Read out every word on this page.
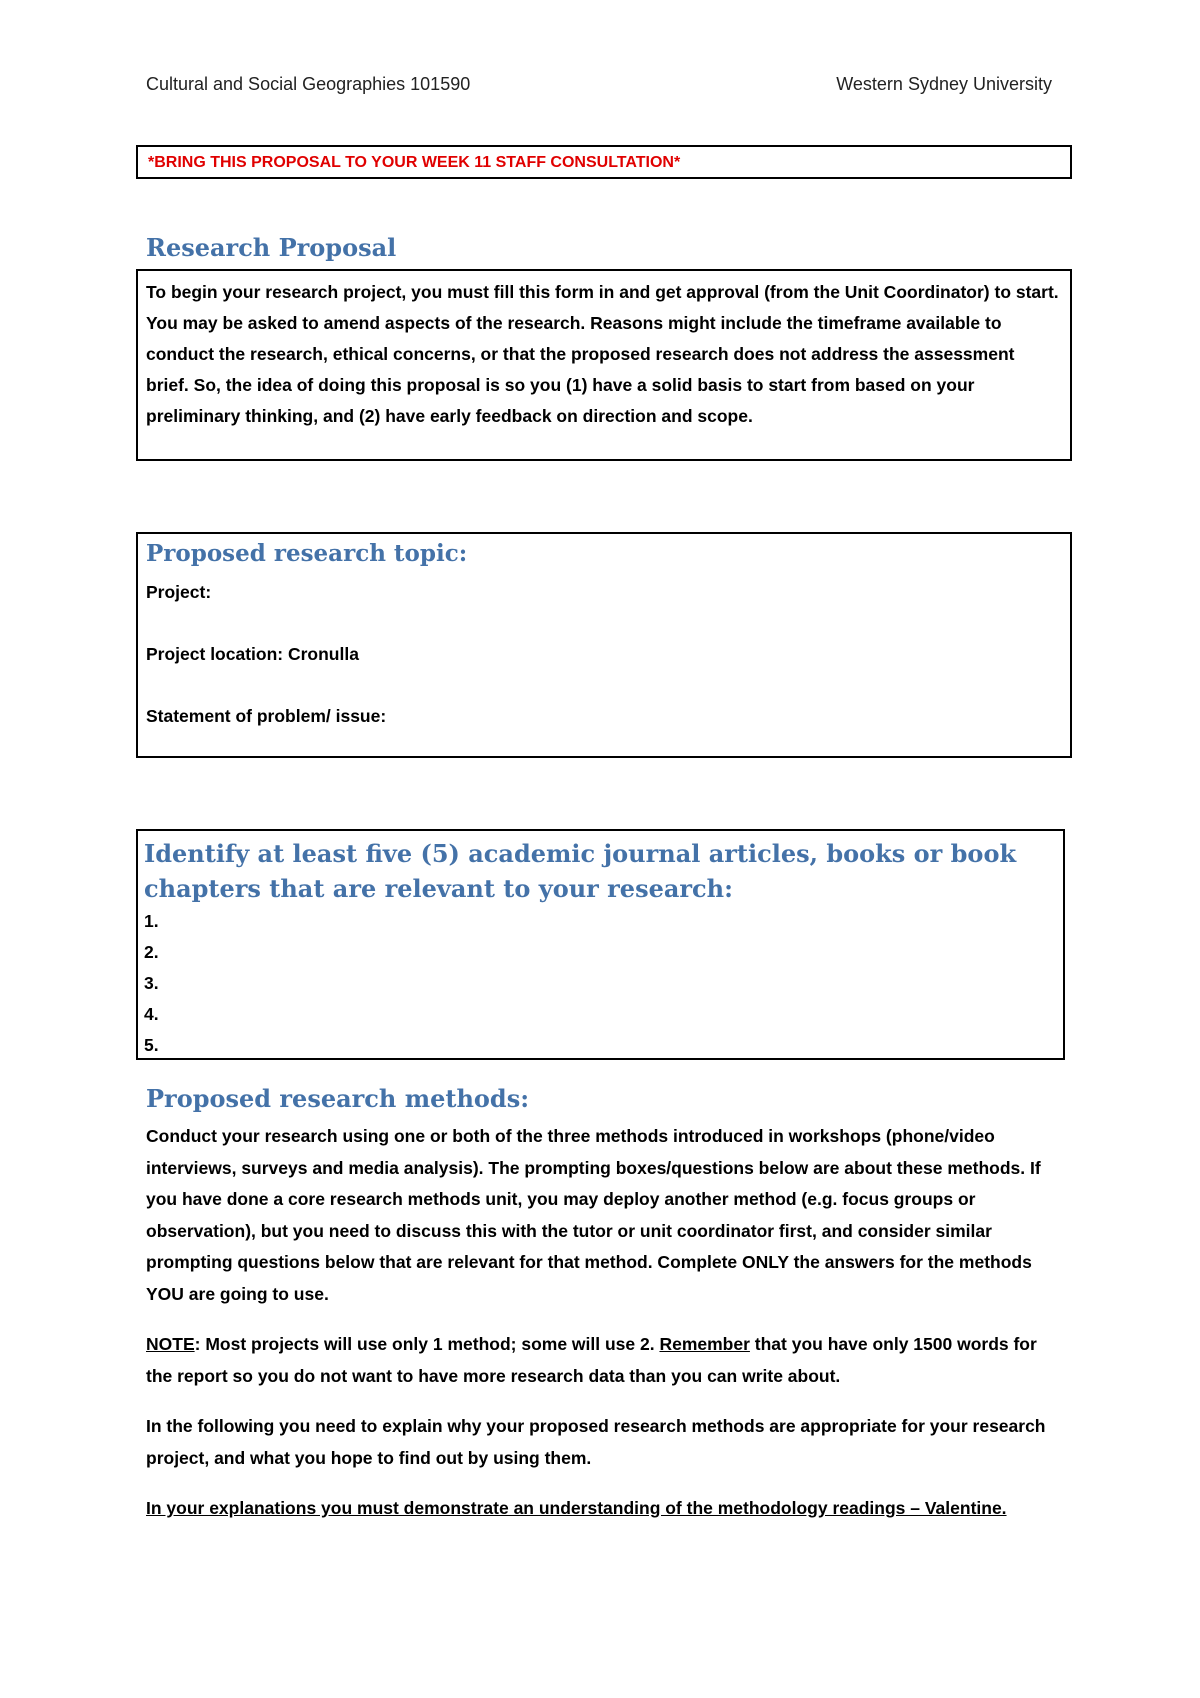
Cultural and Social Geographies 101590	Western Sydney University
*BRING THIS PROPOSAL TO YOUR WEEK 11 STAFF CONSULTATION*
Research Proposal
To begin your research project, you must fill this form in and get approval (from the Unit Coordinator) to start. You may be asked to amend aspects of the research. Reasons might include the timeframe available to conduct the research, ethical concerns, or that the proposed research does not address the assessment brief. So, the idea of doing this proposal is so you (1) have a solid basis to start from based on your preliminary thinking, and (2) have early feedback on direction and scope.
Proposed research topic:
Project:
Project location: Cronulla
Statement of problem/ issue:
Identify at least five (5) academic journal articles, books or book chapters that are relevant to your research:
1.
2.
3.
4.
5.
Proposed research methods:

Conduct your research using one or both of the three methods introduced in workshops (phone/video interviews, surveys and media analysis). The prompting boxes/questions below are about these methods. If you have done a core research methods unit, you may deploy another method (e.g. focus groups or observation), but you need to discuss this with the tutor or unit coordinator first, and consider similar prompting questions below that are relevant for that method. Complete ONLY the answers for the methods YOU are going to use.

NOTE: Most projects will use only 1 method; some will use 2. Remember that you have only 1500 words for the report so you do not want to have more research data than you can write about.

In the following you need to explain why your proposed research methods are appropriate for your research project, and what you hope to find out by using them.

In your explanations you must demonstrate an understanding of the methodology readings – Valentine.
